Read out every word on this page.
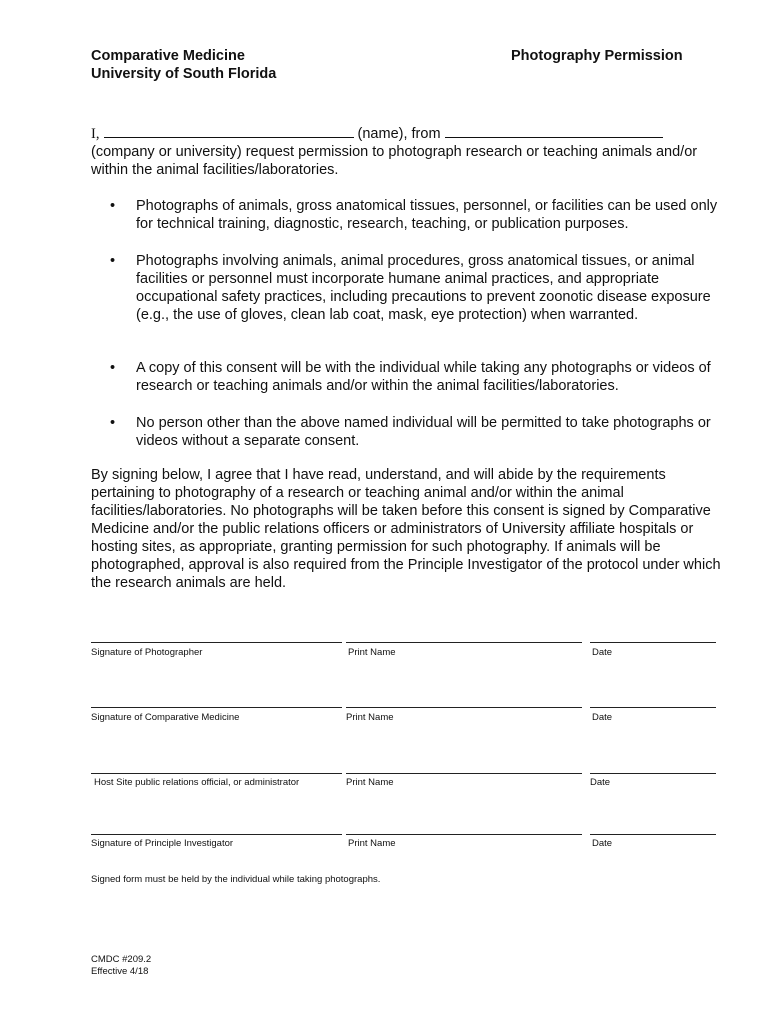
Comparative Medicine
University of South Florida
Photography Permission
I,	(name), from
(company or university) request permission to photograph research or teaching animals and/or
within the animal facilities/laboratories.
• Photographs of animals, gross anatomical tissues, personnel, or facilities can be used only for technical training, diagnostic, research, teaching, or publication purposes.
• Photographs involving animals, animal procedures, gross anatomical tissues, or animal facilities or personnel must incorporate humane animal practices, and appropriate occupational safety practices, including precautions to prevent zoonotic disease exposure (e.g., the use of gloves, clean lab coat, mask, eye protection) when warranted.
• A copy of this consent will be with the individual while taking any photographs or videos of research or teaching animals and/or within the animal facilities/laboratories.
• No person other than the above named individual will be permitted to take photographs or videos without a separate consent.
By signing below, I agree that I have read, understand, and will abide by the requirements pertaining to photography of a research or teaching animal and/or within the animal facilities/laboratories. No photographs will be taken before this consent is signed by Comparative Medicine and/or the public relations officers or administrators of University affiliate hospitals or hosting sites, as appropriate, granting permission for such photography. If animals will be photographed, approval is also required from the Principle Investigator of the protocol under which the research animals are held.
Signature of Photographer	Print Name	Date
Signature of Comparative Medicine	Print Name	Date
Host Site public relations official, or administrator	Print Name	Date
Signature of Principle Investigator	Print Name	Date
Signed form must be held by the individual while taking photographs.
CMDC #209.2
Effective 4/18
